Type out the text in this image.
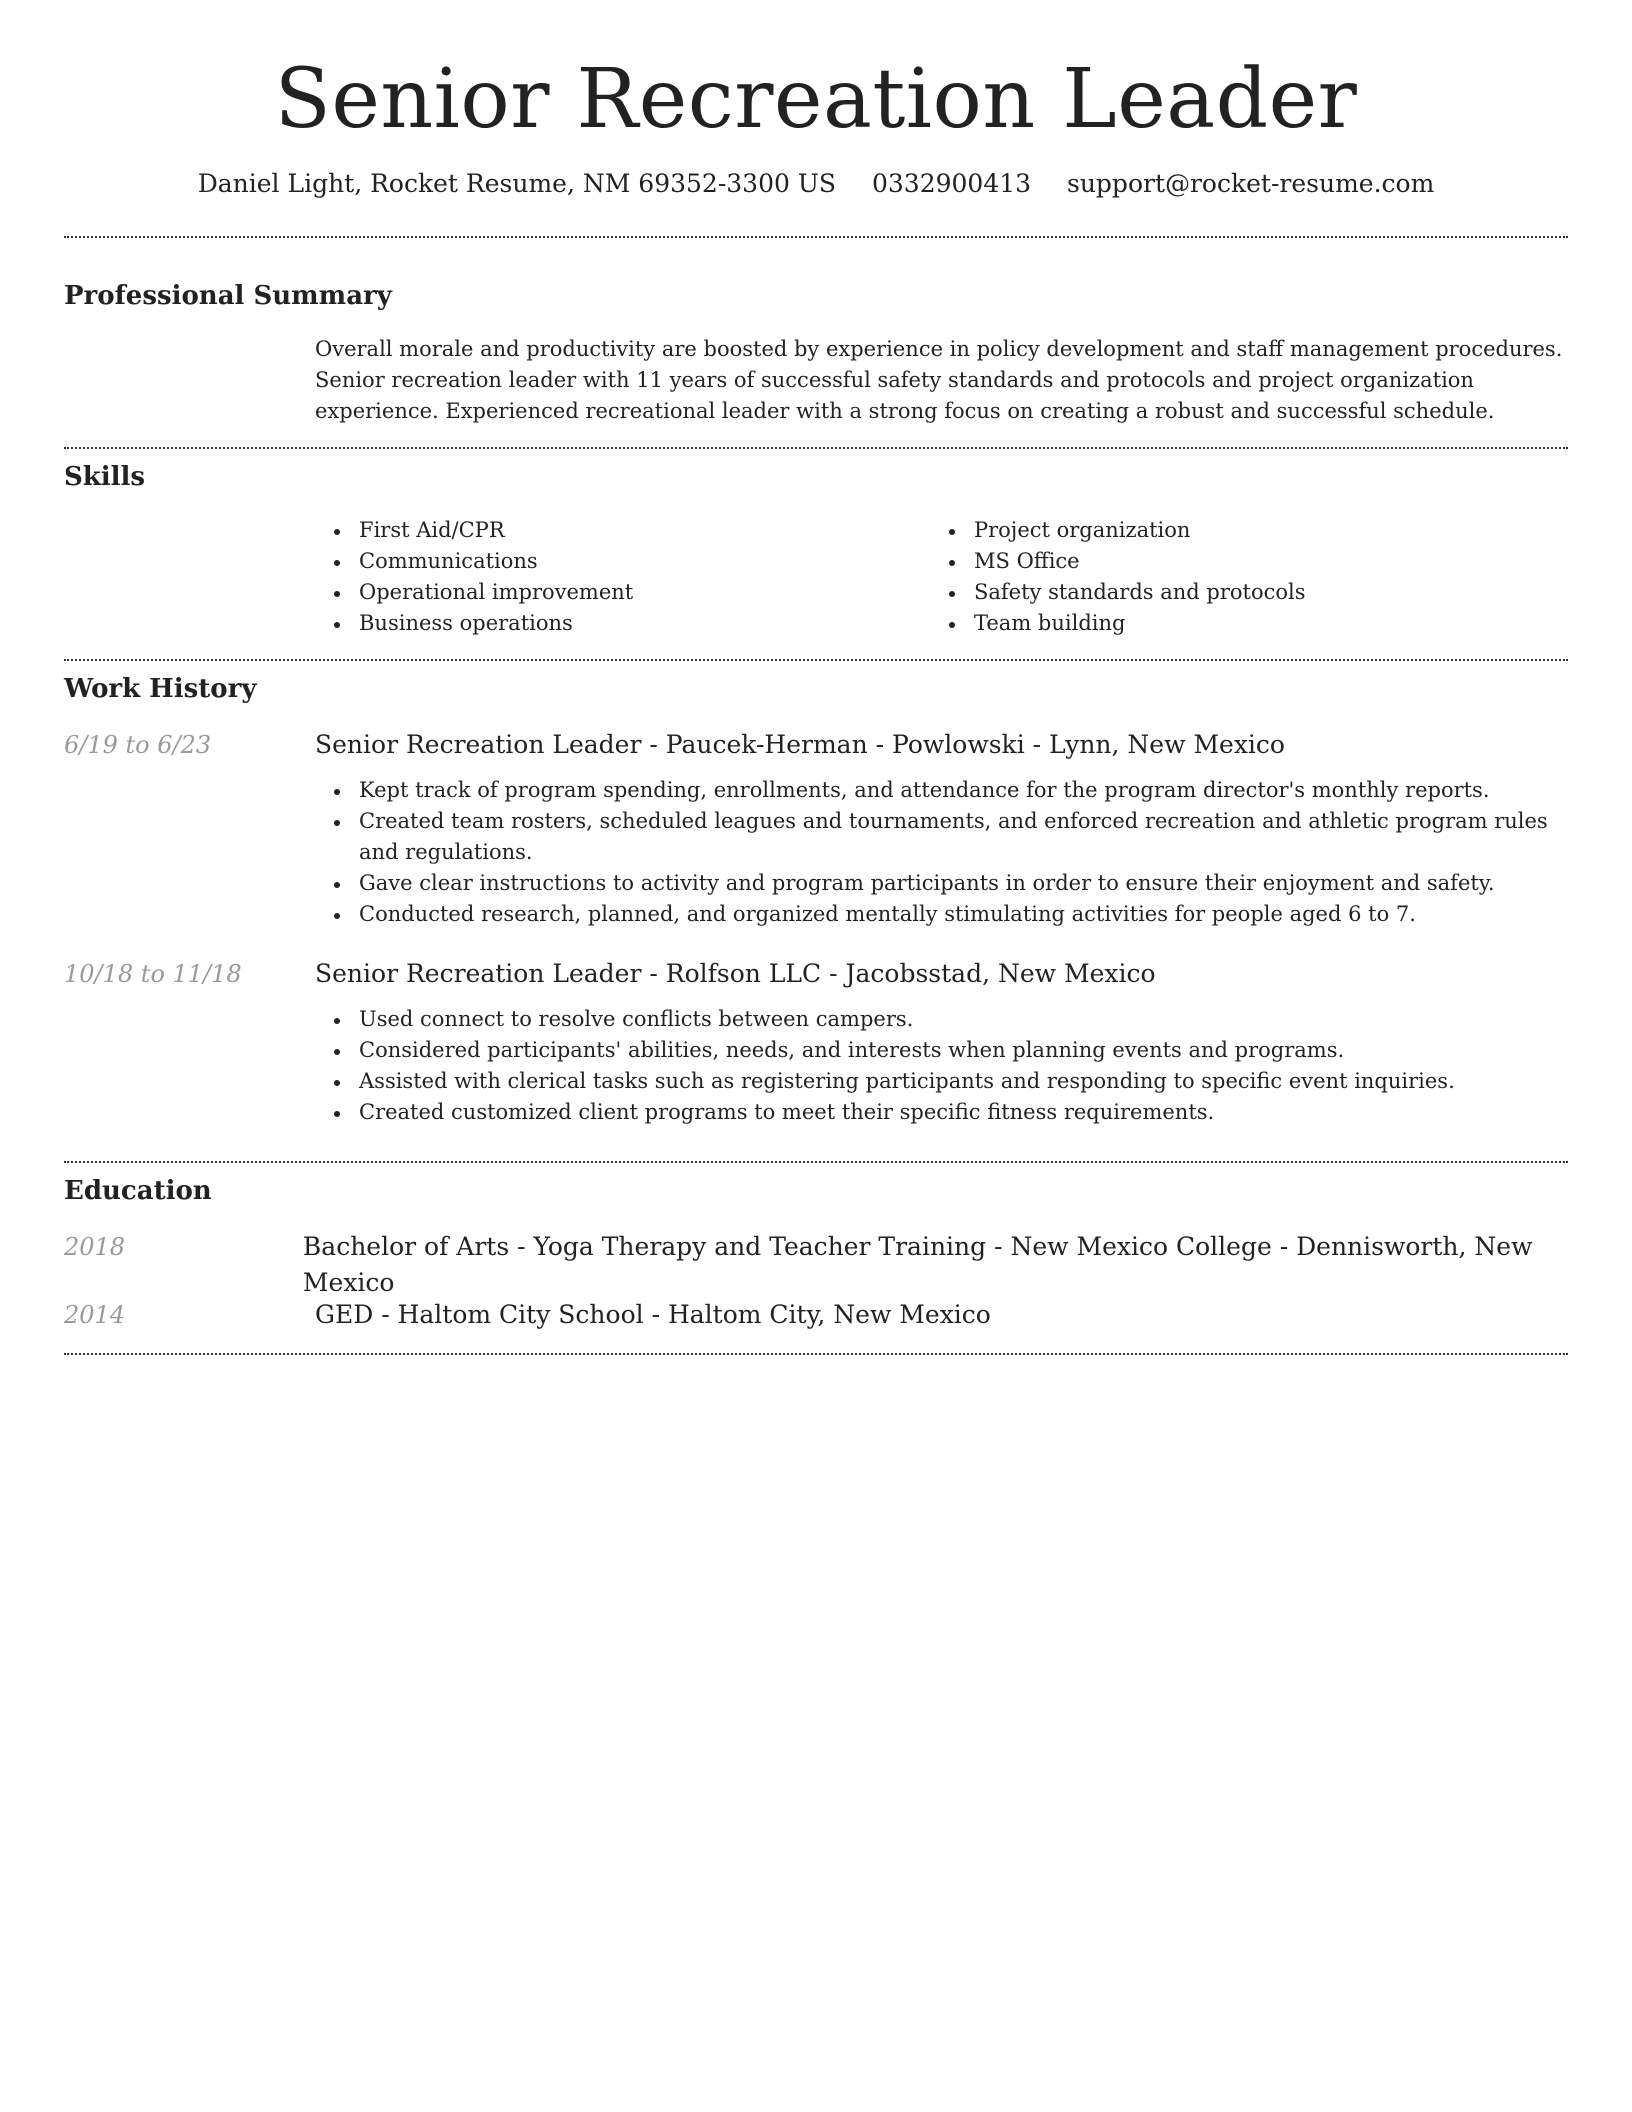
Senior Recreation Leader
Daniel Light, Rocket Resume, NM 69352-3300 US 0332900413 support@rocket-resume.com
Professional Summary

Overall morale and productivity are boosted by experience in policy development and staff management procedures. Senior recreation leader with 11 years of successful safety standards and protocols and project organization experience. Experienced recreational leader with a strong focus on creating a robust and successful schedule.

Skills
First Aid/CPR
Communications
Operational improvement
Business operations
Project organization
MS Office
Safety standards and protocols
Team building
Work History
6/19 to 6/23	Senior Recreation Leader - Paucek-Herman - Powlowski - Lynn, New Mexico
Kept track of program spending, enrollments, and attendance for the program director's monthly reports.
Created team rosters, scheduled leagues and tournaments, and enforced recreation and athletic program rules and regulations.
Gave clear instructions to activity and program participants in order to ensure their enjoyment and safety.
Conducted research, planned, and organized mentally stimulating activities for people aged 6 to 7.
10/18 to 11/18	Senior Recreation Leader - Rolfson LLC - Jacobsstad, New Mexico
Used connect to resolve conflicts between campers.
Considered participants' abilities, needs, and interests when planning events and programs.
Assisted with clerical tasks such as registering participants and responding to specific event inquiries.
Created customized client programs to meet their specific fitness requirements.
Education
2018	Bachelor of Arts - Yoga Therapy and Teacher Training - New Mexico College - Dennisworth, New Mexico
2014	GED - Haltom City School - Haltom City, New Mexico
